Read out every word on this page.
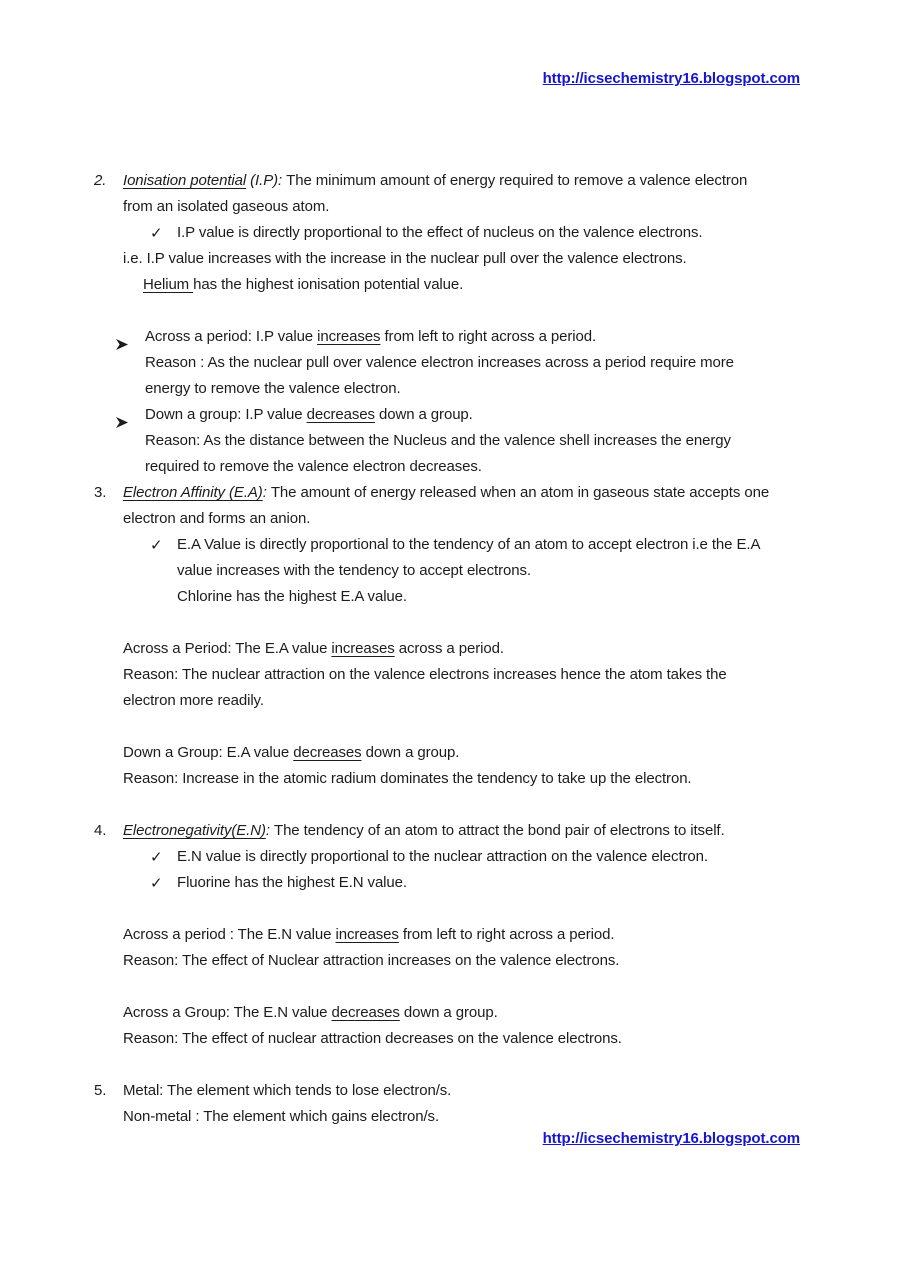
http://icsechemistry16.blogspot.com
2. Ionisation potential (I.P): The minimum amount of energy required to remove a valence electron
from an isolated gaseous atom.
✓ I.P value is directly proportional to the effect of nucleus on the valence electrons.
i.e. I.P value increases with the increase in the nuclear pull over the valence electrons.
Helium has the highest ionisation potential value.
Across a period: I.P value increases from left to right across a period.
Reason : As the nuclear pull over valence electron increases across a period require more
energy to remove the valence electron.
Down a group: I.P value decreases down a group.
Reason: As the distance between the Nucleus and the valence shell increases the energy
required to remove the valence electron decreases.
3. Electron Affinity (E.A): The amount of energy released when an atom in gaseous state accepts one
electron and forms an anion.
✓ E.A Value is directly proportional to the tendency of an atom to accept electron i.e the E.A
value increases with the tendency to accept electrons.
Chlorine has the highest E.A value.
Across a Period: The E.A value increases across a period.
Reason: The nuclear attraction on the valence electrons increases hence the atom takes the
electron more readily.
Down a Group: E.A value decreases down a group.
Reason: Increase in the atomic radium dominates the tendency to take up the electron.
4. Electronegativity(E.N): The tendency of an atom to attract the bond pair of electrons to itself.
✓ E.N value is directly proportional to the nuclear attraction on the valence electron.
✓ Fluorine has the highest E.N value.
Across a period : The E.N value increases from left to right across a period.
Reason: The effect of Nuclear attraction increases on the valence electrons.
Across a Group: The E.N value decreases down a group.
Reason: The effect of nuclear attraction decreases on the valence electrons.
5. Metal: The element which tends to lose electron/s.
Non-metal : The element which gains electron/s.
http://icsechemistry16.blogspot.com
